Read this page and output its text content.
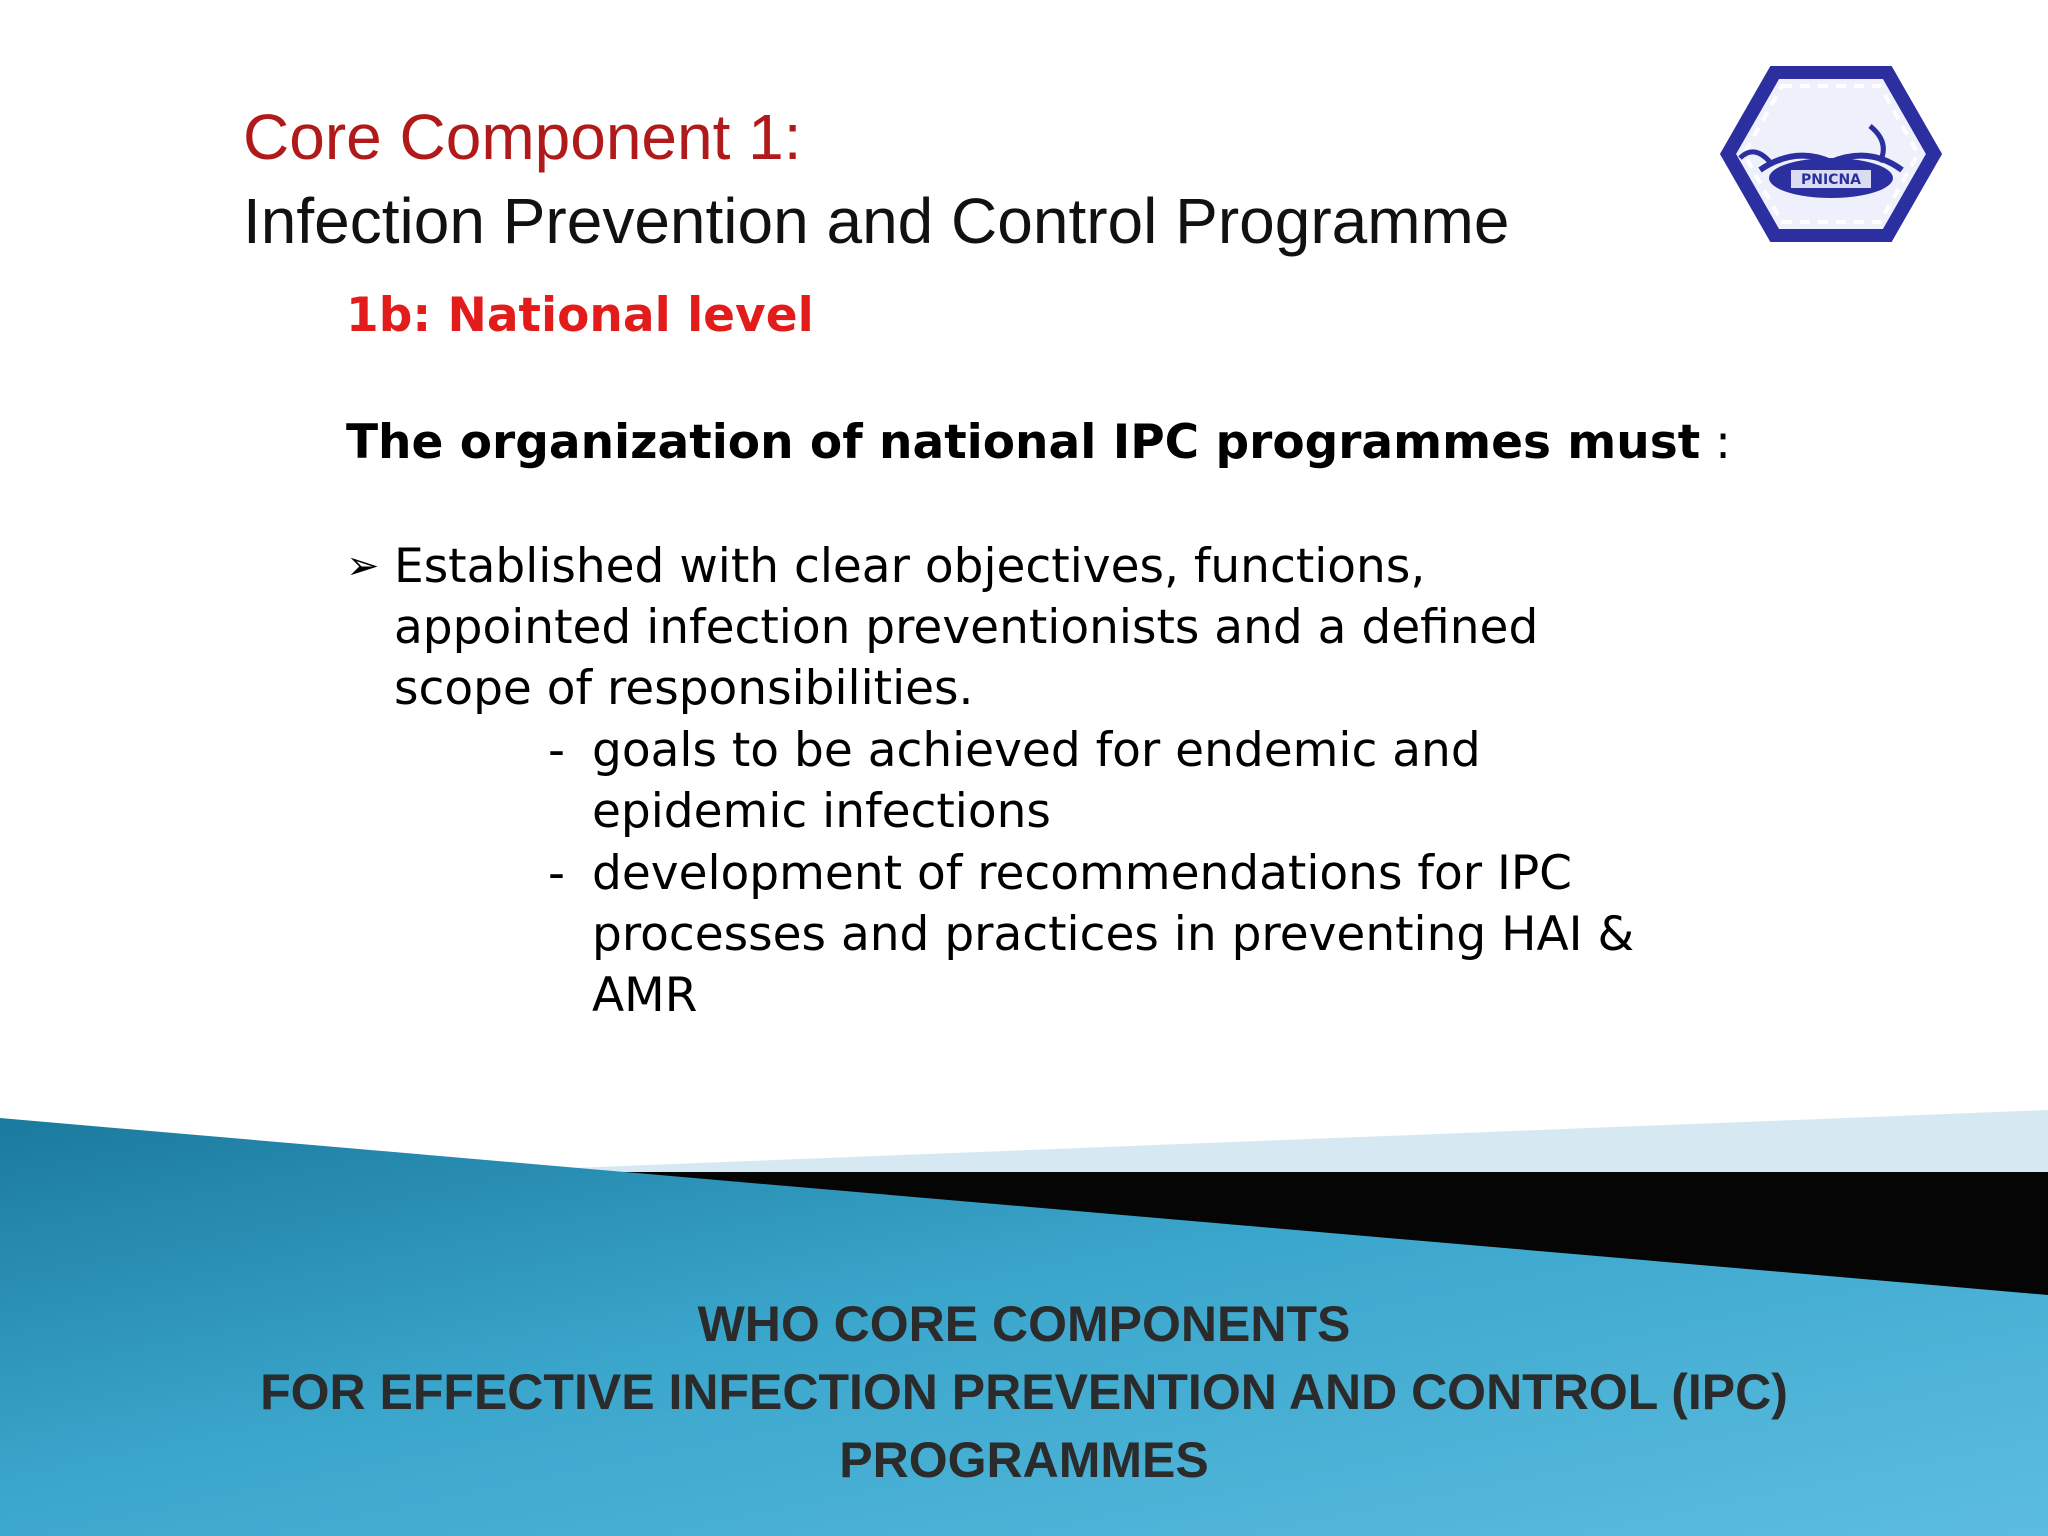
Core Component 1:
Infection Prevention and Control Programme
PNICNA
1b: National level
The organization of national IPC programmes must :
➢ Established with clear objectives, functions,
appointed infection preventionists and a defined
scope of responsibilities.
- goals to be achieved for endemic and
epidemic infections
- development of recommendations for IPC
processes and practices in preventing HAI &
AMR
WHO CORE COMPONENTS
FOR EFFECTIVE INFECTION PREVENTION AND CONTROL (IPC)
PROGRAMMES
